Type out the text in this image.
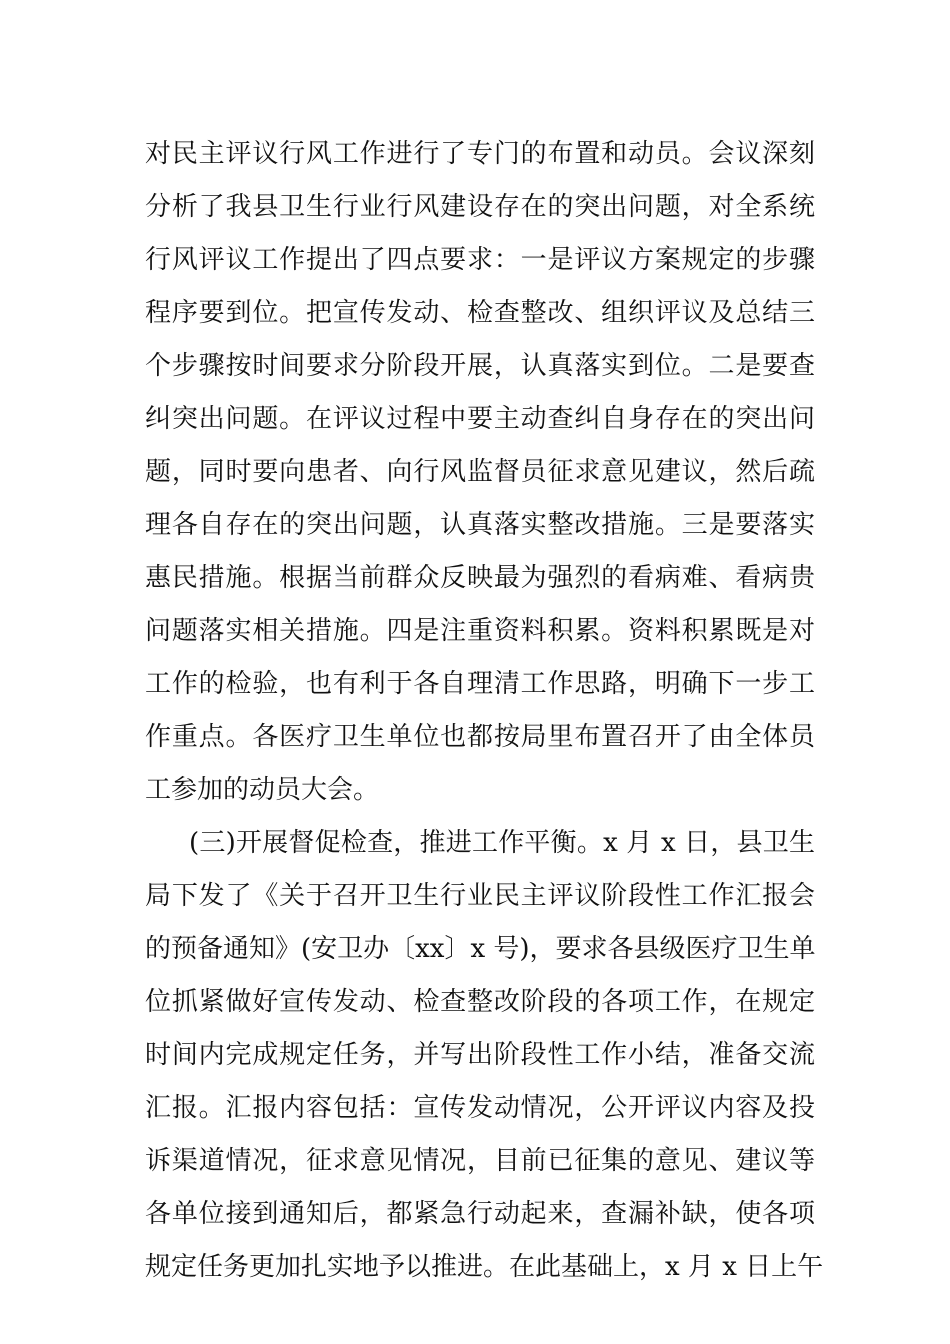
对民主评议行风工作进行了专门的布置和动员。会议深刻
分析了我县卫生行业行风建设存在的突出问题，对全系统
行风评议工作提出了四点要求：一是评议方案规定的步骤
程序要到位。把宣传发动、检查整改、组织评议及总结三
个步骤按时间要求分阶段开展，认真落实到位。二是要查
纠突出问题。在评议过程中要主动查纠自身存在的突出问
题，同时要向患者、向行风监督员征求意见建议，然后疏
理各自存在的突出问题，认真落实整改措施。三是要落实
惠民措施。根据当前群众反映最为强烈的看病难、看病贵
问题落实相关措施。四是注重资料积累。资料积累既是对
工作的检验，也有利于各自理清工作思路，明确下一步工
作重点。各医疗卫生单位也都按局里布置召开了由全体员
工参加的动员大会。
(三)开展督促检查，推进工作平衡。x 月 x 日，县卫生
局下发了《关于召开卫生行业民主评议阶段性工作汇报会
的预备通知》(安卫办〔xx〕x 号)，要求各县级医疗卫生单
位抓紧做好宣传发动、检查整改阶段的各项工作，在规定
时间内完成规定任务，并写出阶段性工作小结，准备交流
汇报。汇报内容包括：宣传发动情况，公开评议内容及投
诉渠道情况，征求意见情况，目前已征集的意见、建议等
各单位接到通知后，都紧急行动起来，查漏补缺，使各项
规定任务更加扎实地予以推进。在此基础上，x 月 x 日上午
